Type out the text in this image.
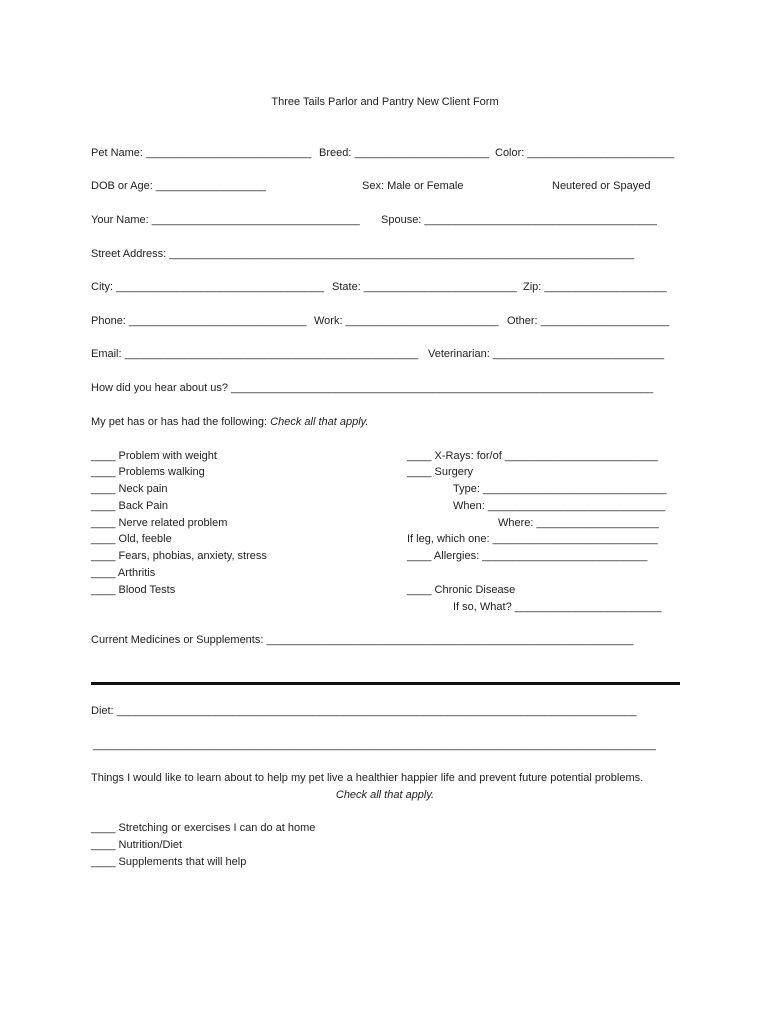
Three Tails Parlor and Pantry New Client Form
Pet Name: ___________________________ Breed: ______________________ Color: ________________________
DOB or Age: __________________	Sex: Male or Female	Neutered or Spayed
Your Name: __________________________________ Spouse: ______________________________________
Street Address: ____________________________________________________________________________
City: __________________________________ State: _________________________ Zip: ____________________
Phone: _____________________________ Work: _________________________ Other: _____________________
Email: ________________________________________________ Veterinarian: ____________________________
How did you hear about us? _____________________________________________________________________
My pet has or has had the following: Check all that apply.
____ Problem with weight
____ Problems walking
____ Neck pain
____ Back Pain
____ Nerve related problem
____ Old, feeble
____ Fears, phobias, anxiety, stress
____ Arthritis
____ Blood Tests
____ X-Rays: for/of _________________________
____ Surgery
Type: ______________________________
When: _____________________________
Where: ____________________
If leg, which one: ___________________________
____ Allergies: ___________________________
____ Chronic Disease
If so, What? ________________________
Current Medicines or Supplements: ____________________________________________________________
Diet: _____________________________________________________________________________________
____________________________________________________________________________________________
Things I would like to learn about to help my pet live a healthier happier life and prevent future potential problems.
Check all that apply.
____ Stretching or exercises I can do at home
____ Nutrition/Diet
____ Supplements that will help
